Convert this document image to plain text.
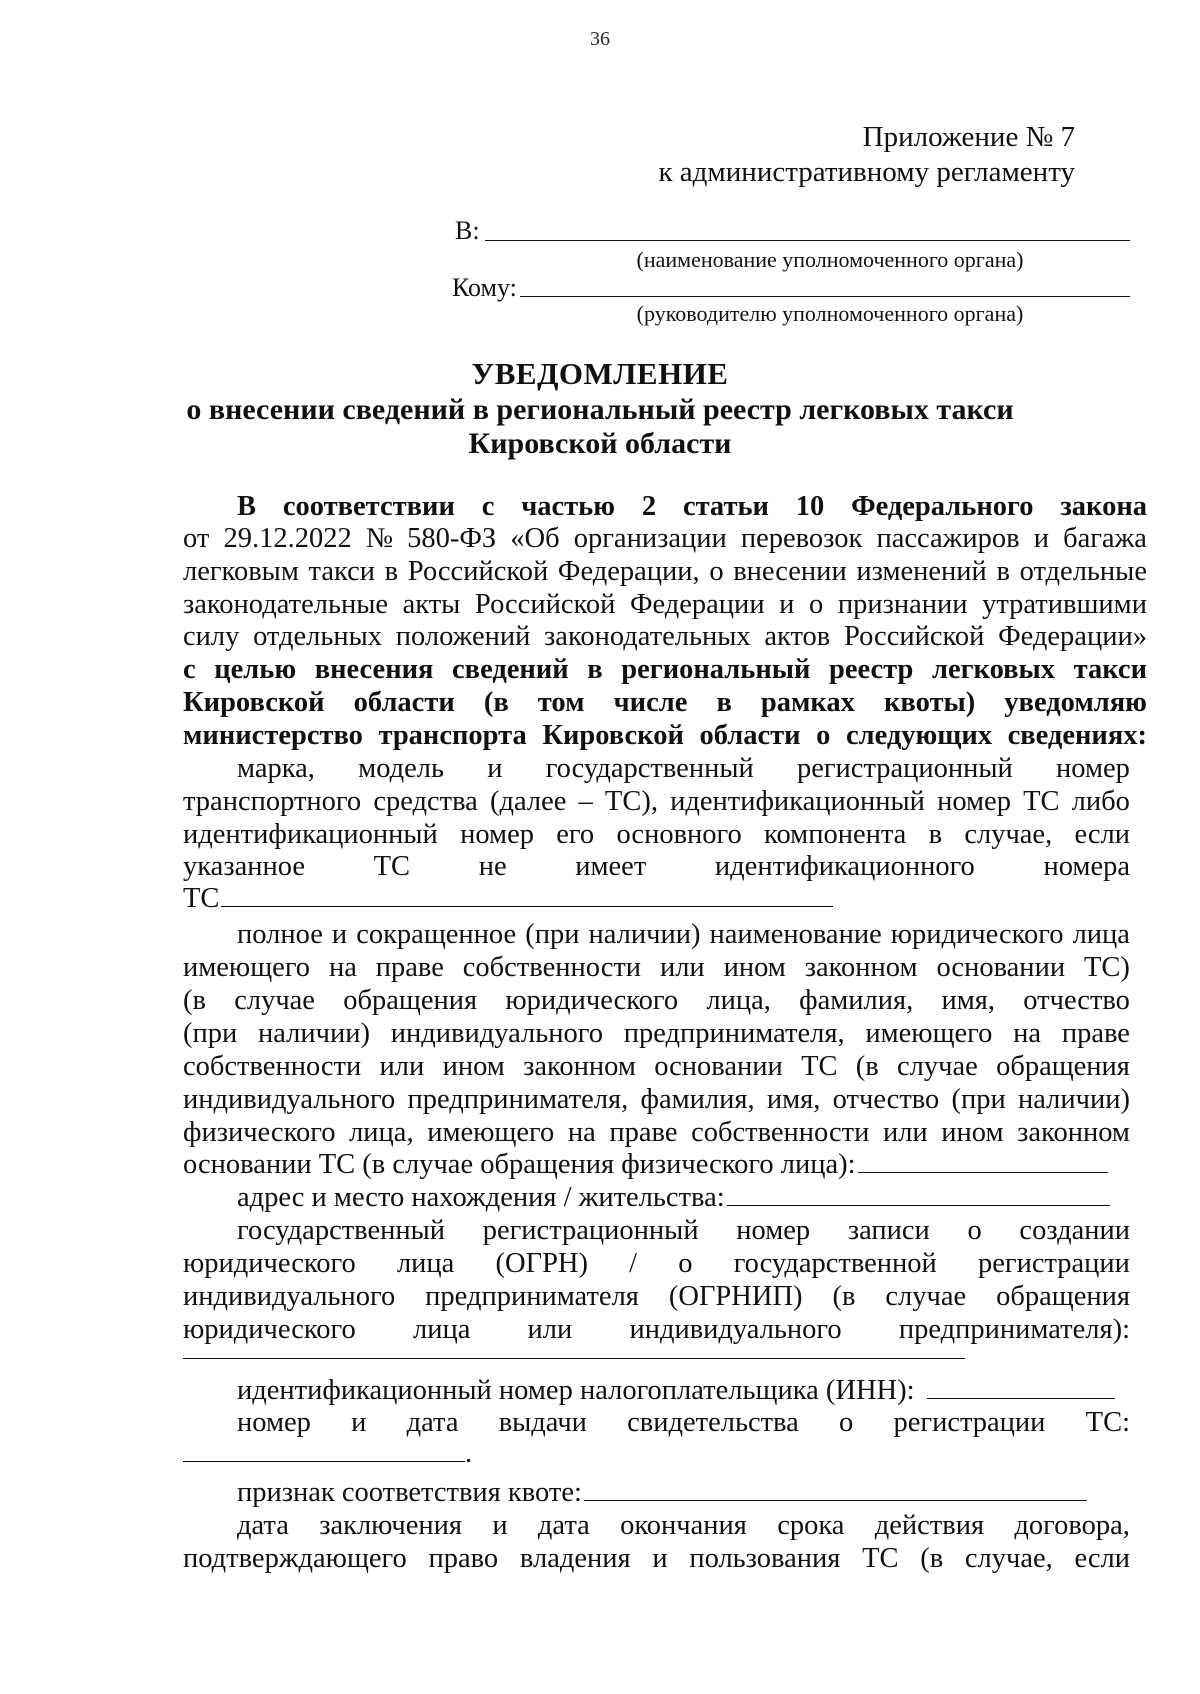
36
Приложение № 7
к административному регламенту
В:
(наименование уполномоченного органа)
Кому:
(руководителю уполномоченного органа)
УВЕДОМЛЕНИЕ
о внесении сведений в региональный реестр легковых такси
Кировской области
В соответствии с частью 2 статьи 10 Федерального закона
от 29.12.2022 № 580-ФЗ «Об организации перевозок пассажиров и багажа
легковым такси в Российской Федерации, о внесении изменений в отдельные
законодательные акты Российской Федерации и о признании утратившими
силу отдельных положений законодательных актов Российской Федерации»
с целью внесения сведений в региональный реестр легковых такси
Кировской области (в том числе в рамках квоты) уведомляю
министерство транспорта Кировской области о следующих сведениях:
марка, модель и государственный регистрационный номер
транспортного средства (далее – ТС), идентификационный номер ТС либо
идентификационный номер его основного компонента в случае, если
указанное ТС не имеет идентификационного номера
ТС
полное и сокращенное (при наличии) наименование юридического лица
имеющего на праве собственности или ином законном основании ТС)
(в случае обращения юридического лица, фамилия, имя, отчество
(при наличии) индивидуального предпринимателя, имеющего на праве
собственности или ином законном основании ТС (в случае обращения
индивидуального предпринимателя, фамилия, имя, отчество (при наличии)
физического лица, имеющего на праве собственности или ином законном
основании ТС (в случае обращения физического лица):
адрес и место нахождения / жительства:
государственный регистрационный номер записи о создании
юридического лица (ОГРН) / о государственной регистрации
индивидуального предпринимателя (ОГРНИП) (в случае обращения
юридического лица или индивидуального предпринимателя):
идентификационный номер налогоплательщика (ИНН):
номер и дата выдачи свидетельства о регистрации ТС:
.
признак соответствия квоте:
дата заключения и дата окончания срока действия договора,
подтверждающего право владения и пользования ТС (в случае, если
